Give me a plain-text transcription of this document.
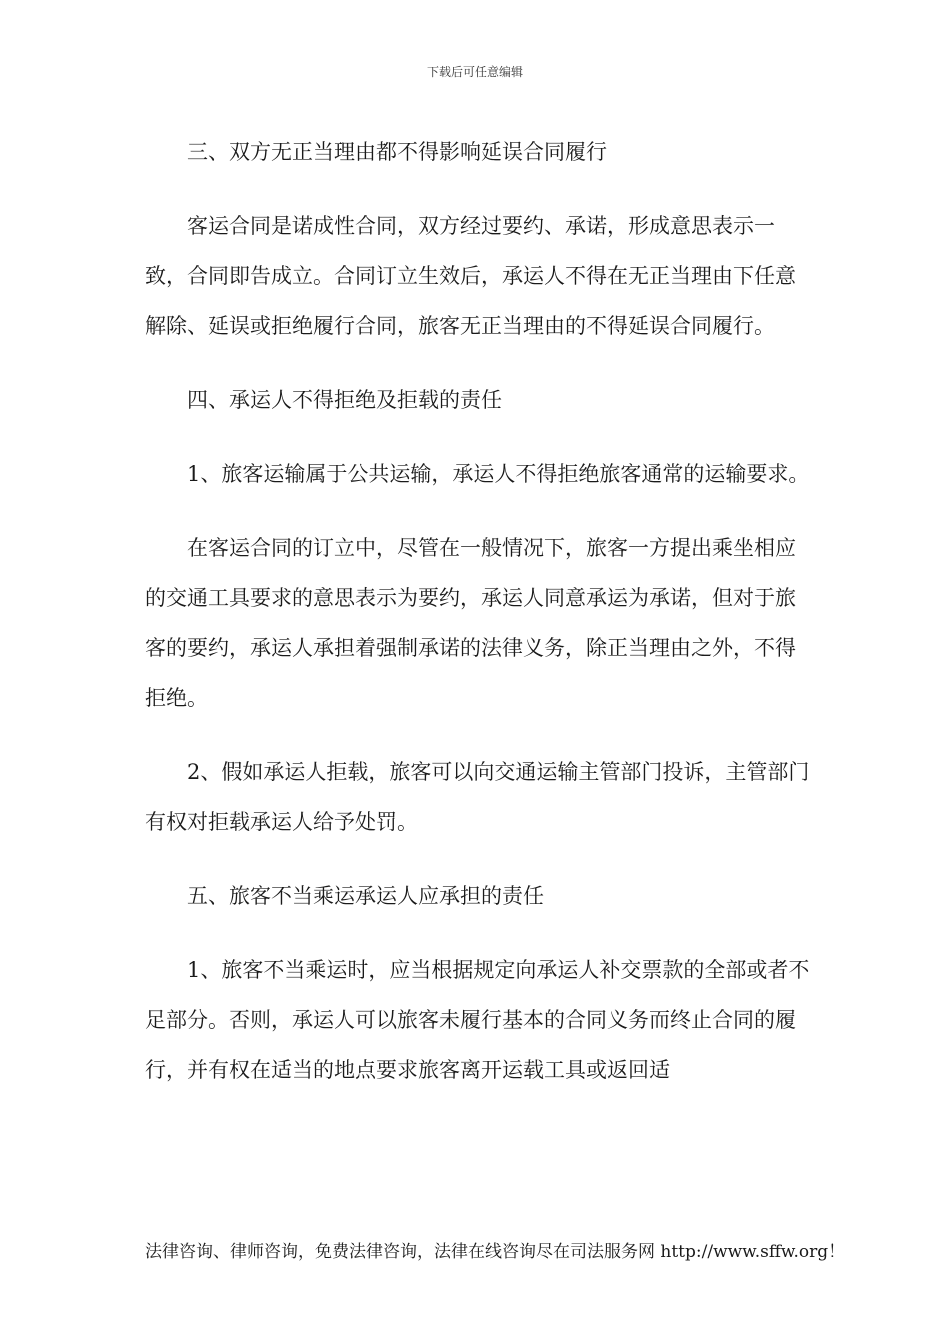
下载后可任意编辑

三、双方无正当理由都不得影响延误合同履行

客运合同是诺成性合同，双方经过要约、承诺，形成意思表示一致，合同即告成立。合同订立生效后，承运人不得在无正当理由下任意解除、延误或拒绝履行合同，旅客无正当理由的不得延误合同履行。

四、承运人不得拒绝及拒载的责任

1、旅客运输属于公共运输，承运人不得拒绝旅客通常的运输要求。

在客运合同的订立中，尽管在一般情况下，旅客一方提出乘坐相应的交通工具要求的意思表示为要约，承运人同意承运为承诺，但对于旅客的要约，承运人承担着强制承诺的法律义务，除正当理由之外，不得拒绝。

2、假如承运人拒载，旅客可以向交通运输主管部门投诉，主管部门有权对拒载承运人给予处罚。

五、旅客不当乘运承运人应承担的责任

1、旅客不当乘运时，应当根据规定向承运人补交票款的全部或者不足部分。否则，承运人可以旅客未履行基本的合同义务而终止合同的履行，并有权在适当的地点要求旅客离开运载工具或返回适

法律咨询、律师咨询，免费法律咨询，法律在线咨询尽在司法服务网 http://www.sffw.org！
